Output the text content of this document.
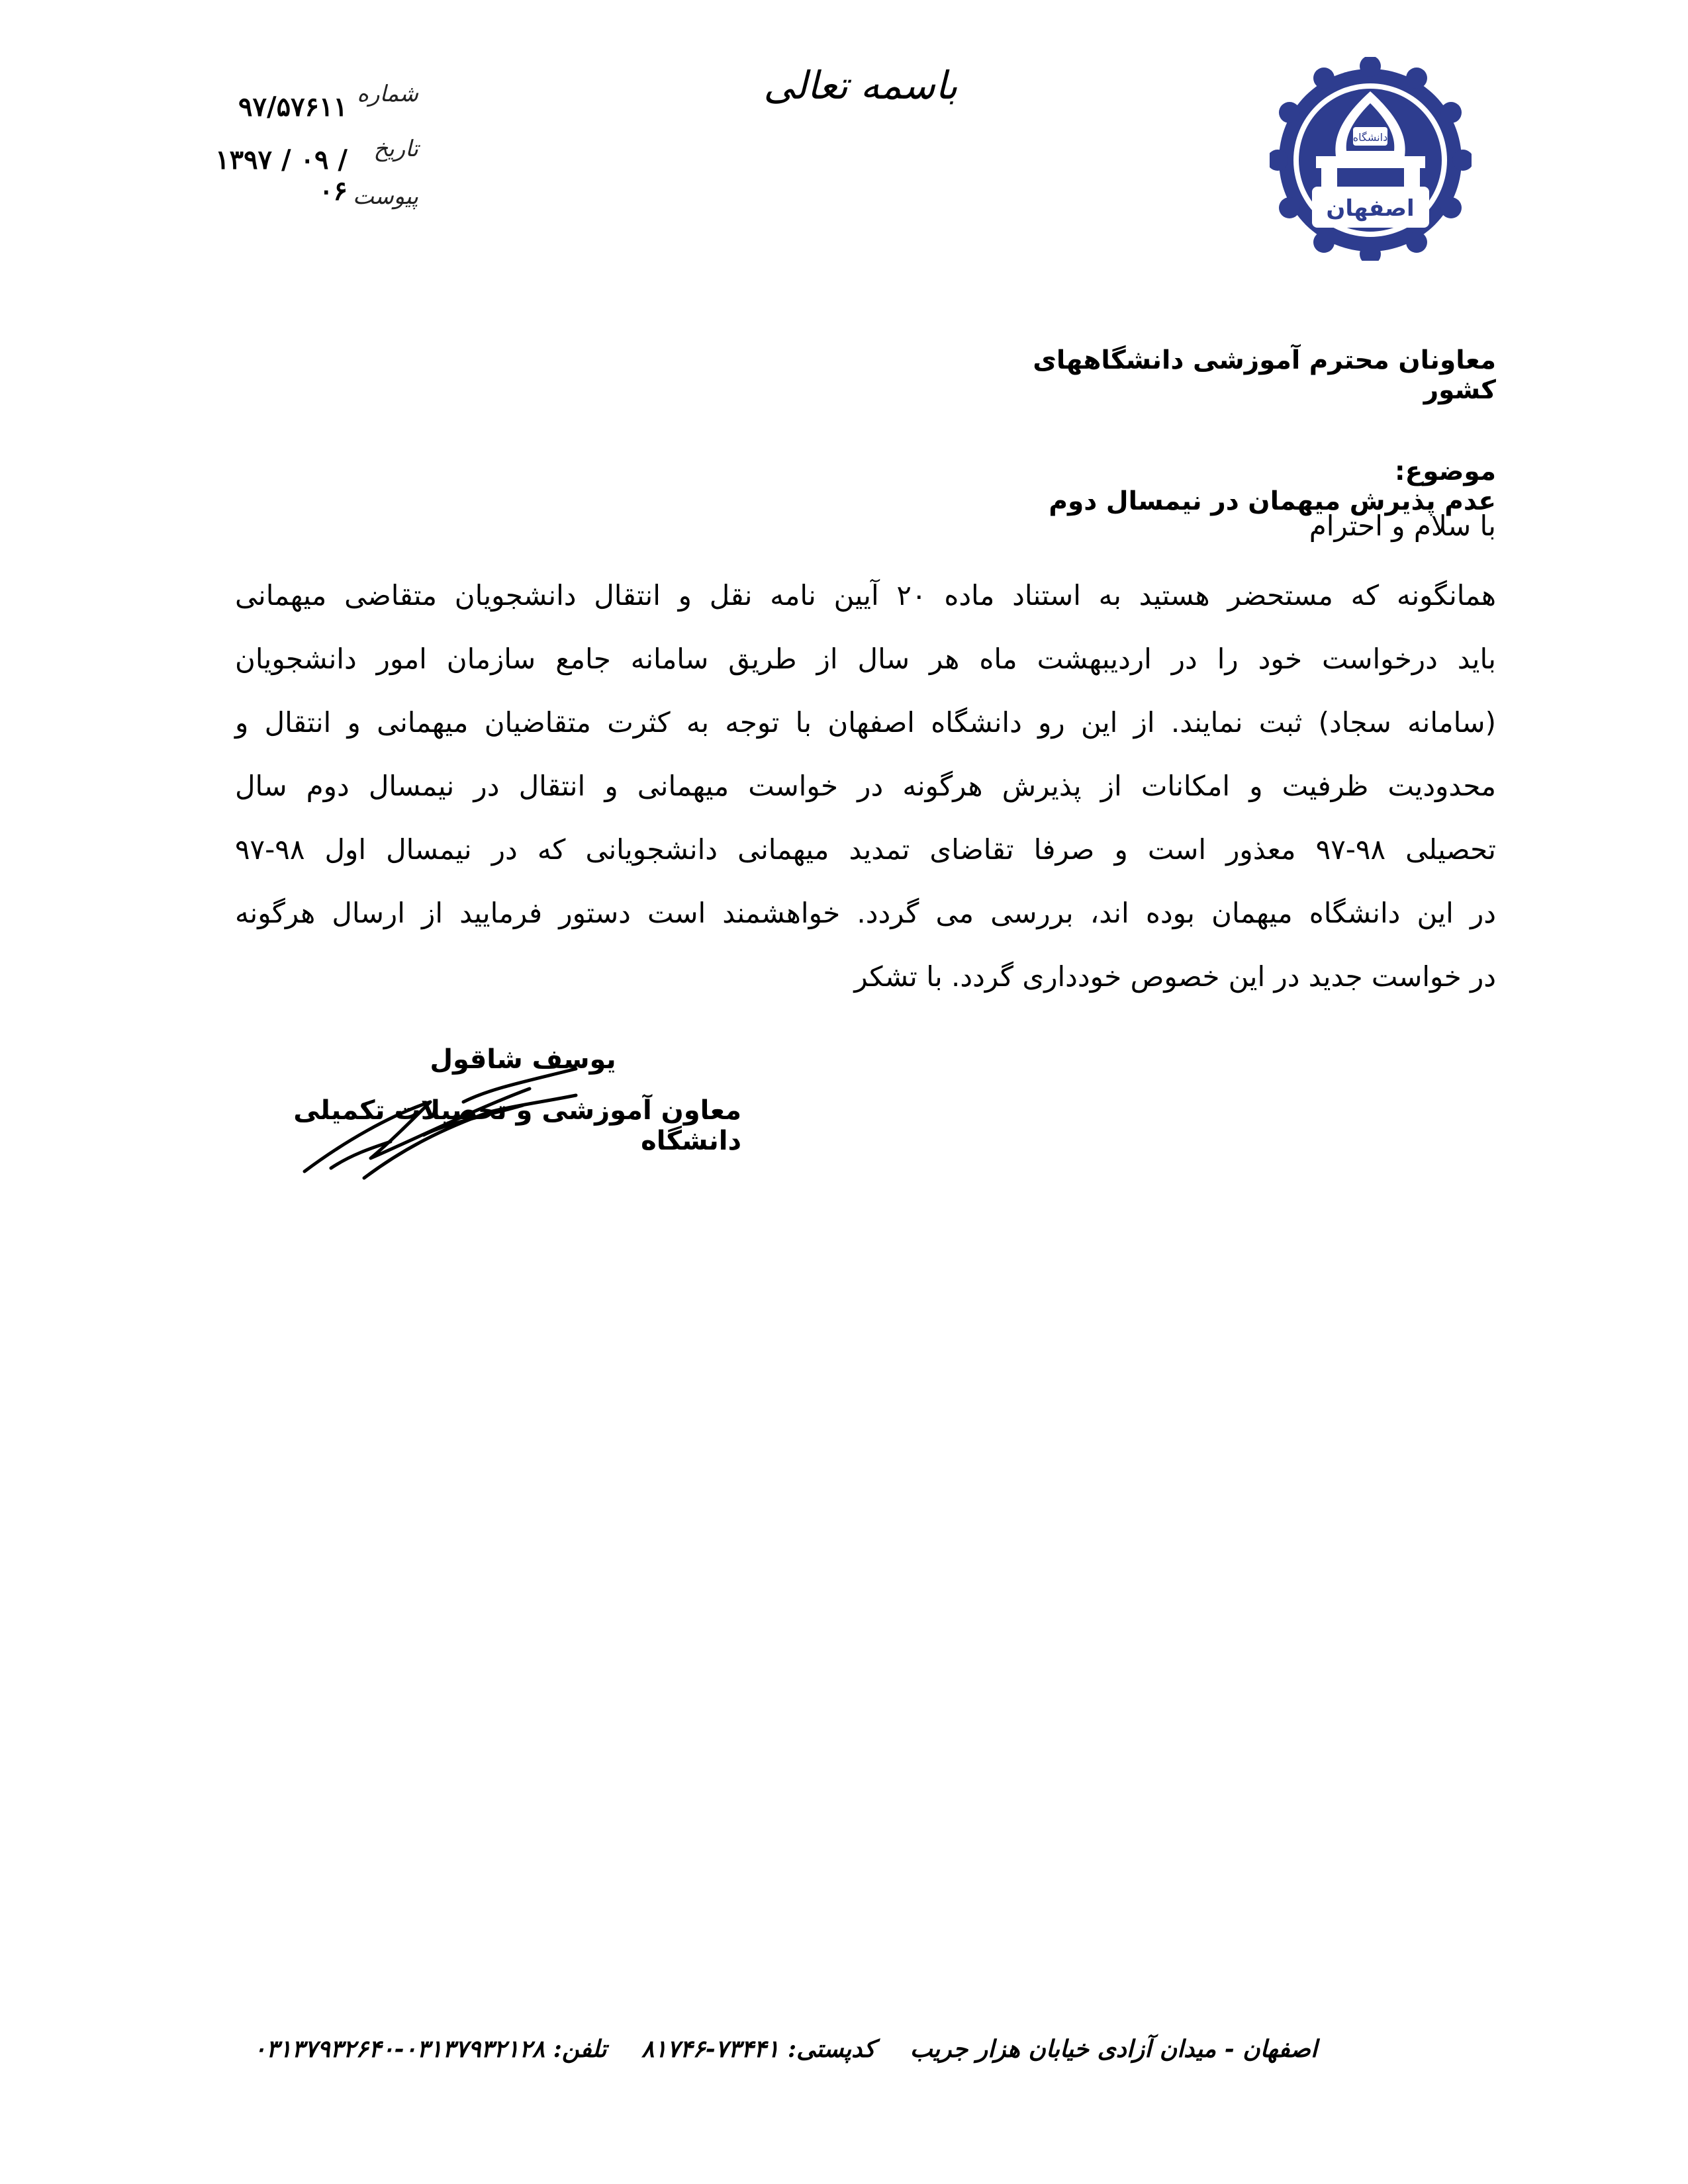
باسمه تعالی
دانشگاه
اصفهان
شماره
۹۷/۵۷۶۱۱
تاریخ
۱۳۹۷ / ۰۹ / ۰۶ پیوست
معاونان محترم آموزشی دانشگاههای کشور
موضوع:عدم پذیرش میهمان در نیمسال دوم
با سلام و احترام
همانگونه که مستحضر هستید به استناد ماده ۲۰ آیین نامه نقل و انتقال دانشجویان متقاضی میهمانی
باید درخواست خود را در اردیبهشت ماه هر سال از طریق سامانه جامع سازمان امور دانشجویان
(سامانه سجاد) ثبت نمایند. از این رو دانشگاه اصفهان با توجه به کثرت متقاضیان میهمانی و انتقال و
محدودیت ظرفیت و امکانات از پذیرش هرگونه در خواست میهمانی و انتقال در نیمسال دوم سال
تحصیلی ۹۸-۹۷ معذور است و صرفا تقاضای تمدید میهمانی دانشجویانی که در نیمسال اول ۹۸-۹۷
در این دانشگاه میهمان بوده اند، بررسی می گردد. خواهشمند است دستور فرمایید از ارسال هرگونه
در خواست جدید در این خصوص خودداری گردد. با تشکر
یوسف شاقول
معاون آموزشی و تحصیلات تکمیلی دانشگاه
اصفهان - میدان آزادی خیابان هزار جریب کدپستی: ۷۳۴۴۱-۸۱۷۴۶ تلفن: ۰۳۱۳۷۹۳۲۱۲۸-۰۳۱۳۷۹۳۲۶۴۰
